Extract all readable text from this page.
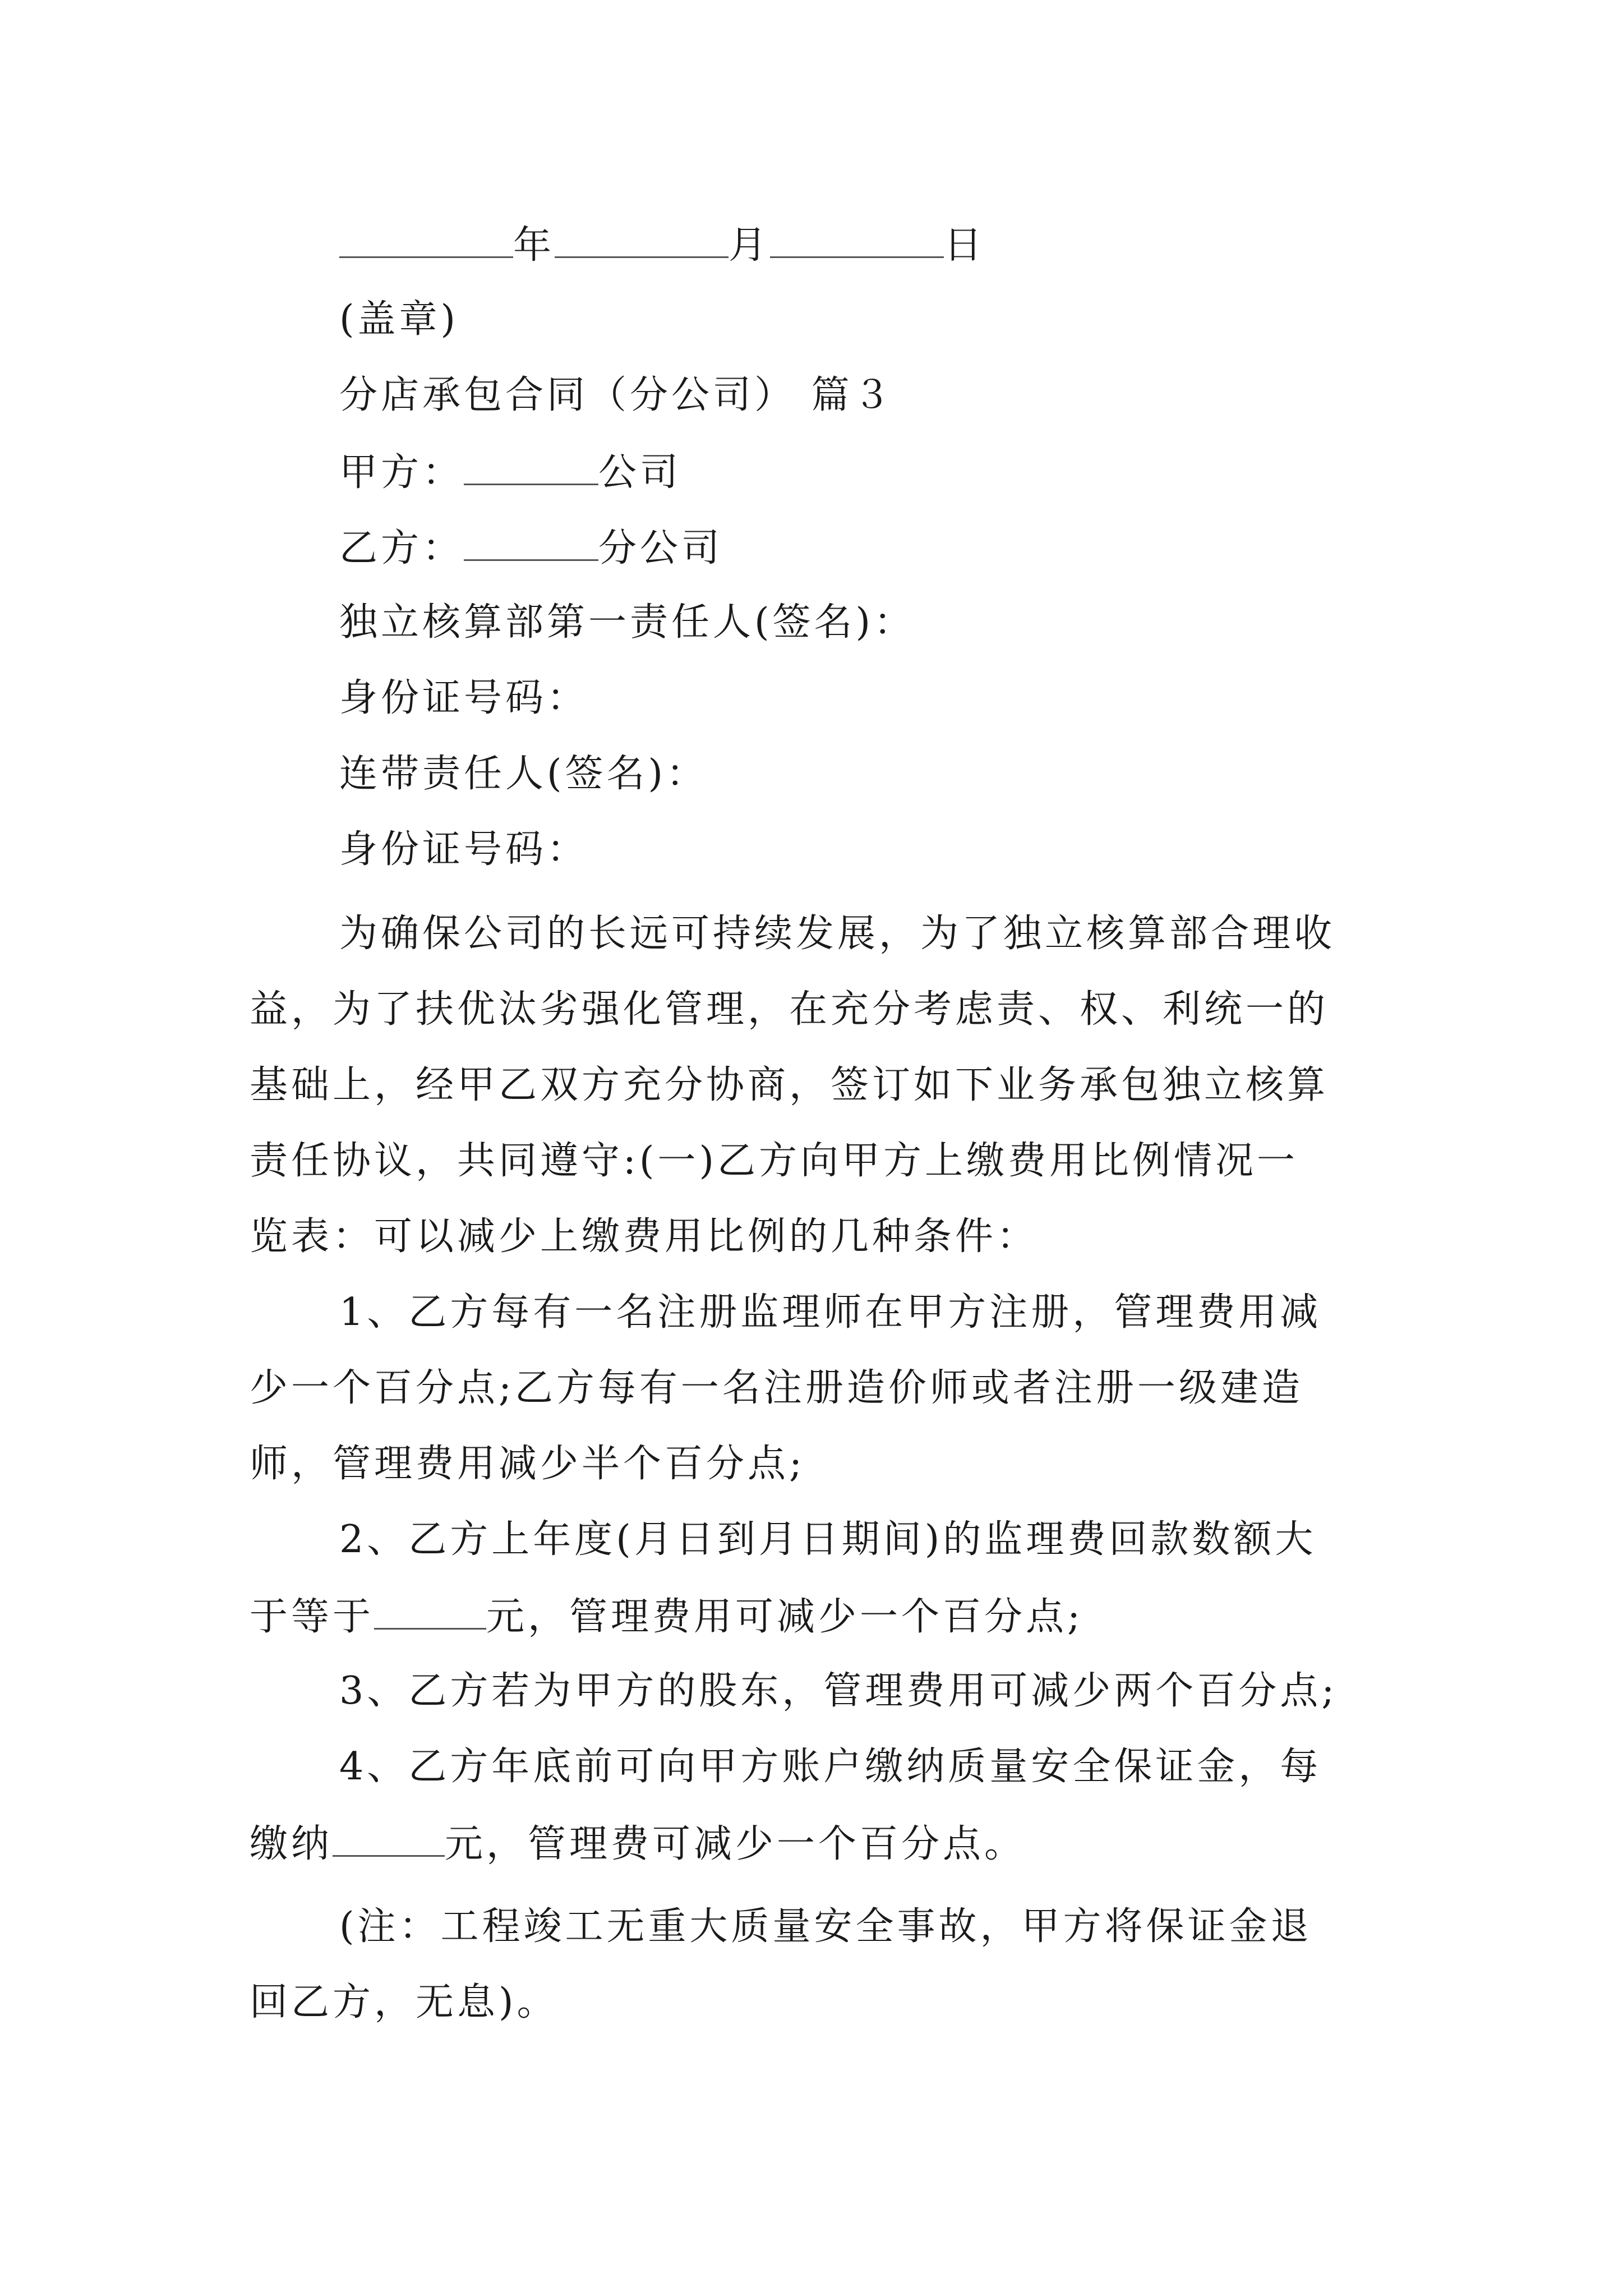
年	月	日
(盖章)
分店承包合同（分公司） 篇３
甲方：	公司
乙方：	分公司
独立核算部第一责任人(签名)：
身份证号码：
连带责任人(签名)：
身份证号码：
为确保公司的长远可持续发展，为了独立核算部合理收
益，为了扶优汰劣强化管理，在充分考虑责、权、利统一的
基础上，经甲乙双方充分协商，签订如下业务承包独立核算
责任协议，共同遵守:(一)乙方向甲方上缴费用比例情况一
览表：可以减少上缴费用比例的几种条件：
1、乙方每有一名注册监理师在甲方注册，管理费用减
少一个百分点;乙方每有一名注册造价师或者注册一级建造
师，管理费用减少半个百分点;
2、乙方上年度(月日到月日期间)的监理费回款数额大
于等于	元，管理费用可减少一个百分点;
3、乙方若为甲方的股东，管理费用可减少两个百分点;
4、乙方年底前可向甲方账户缴纳质量安全保证金，每
缴纳	元，管理费可减少一个百分点。
(注：工程竣工无重大质量安全事故，甲方将保证金退
回乙方，无息)。
